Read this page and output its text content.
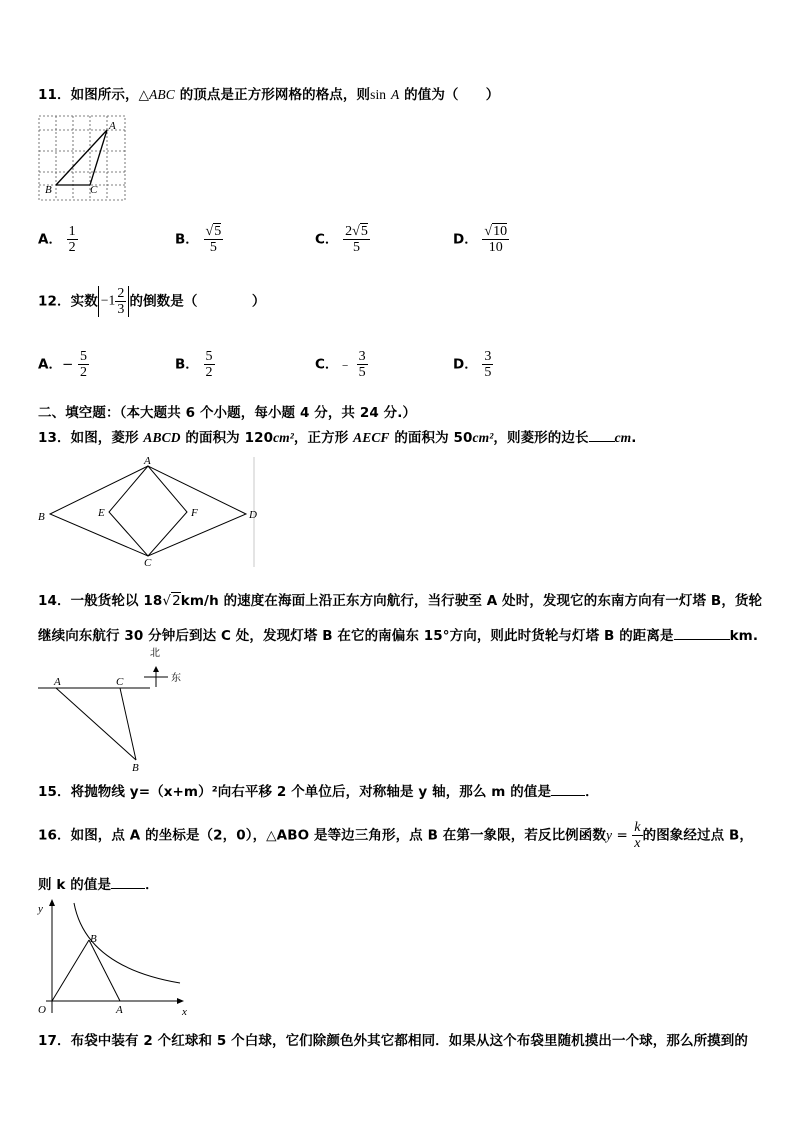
11．如图所示，△ABC 的顶点是正方形网格的格点，则sin A 的值为（　　）
A
B	C
A． $\frac{1}{2}$	B． $\frac{√5}{5}$	C． $\frac{2√5}{5}$	D． $\frac{√10}{10}$
12．实数 $-1 \frac{2}{3}$ 的倒数是（　　　　）
A．− $\frac{5}{2}$	B． $\frac{5}{2}$	C．﹣ $\frac{3}{5}$	D． $\frac{3}{5}$
二、填空题：（本大题共 6 个小题，每小题 4 分，共 24 分.）
13．如图，菱形 ABCD 的面积为 120cm²，正方形 AECF 的面积为 50cm²，则菱形的边长 cm.
A
B
C
D
E	F
14．一般货轮以 18√2km/h 的速度在海面上沿正东方向航行，当行驶至 A 处时，发现它的东南方向有一灯塔 B，货轮
继续向东航行 30 分钟后到达 C 处，发现灯塔 B 在它的南偏东 15°方向，则此时货轮与灯塔 B 的距离是	km.
北
东
A	C
B
15．将抛物线 y=（x+m）²向右平移 2 个单位后，对称轴是 y 轴，那么 m 的值是	．
16．如图，点 A 的坐标是（2，0），△ABO 是等边三角形，点 B 在第一象限，若反比例函数$y = \frac{k}{x}$ 的图象经过点 B，
则 k 的值是	．
y
B
O	A	x
17．布袋中装有 2 个红球和 5 个白球，它们除颜色外其它都相同．如果从这个布袋里随机摸出一个球，那么所摸到的
